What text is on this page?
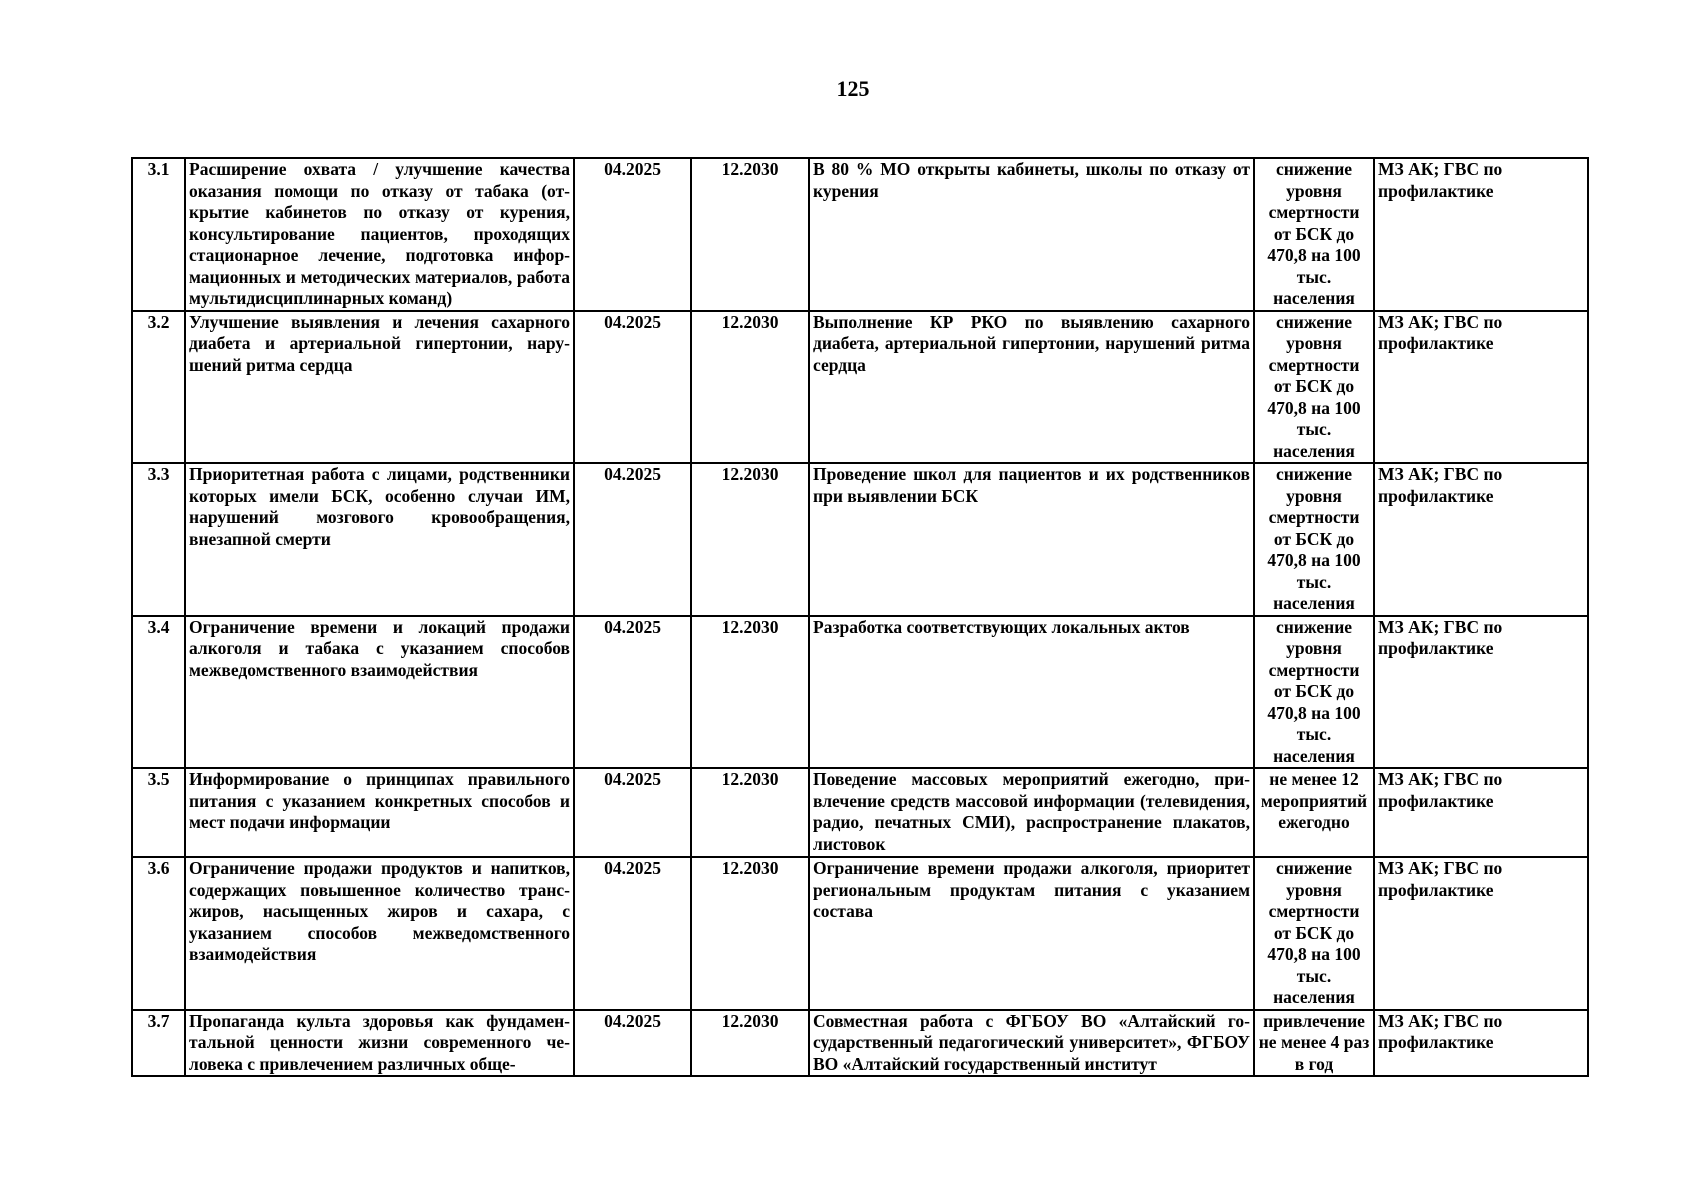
125
3.1	Расширение охвата / улучшение качества оказания помощи по отказу от табака (открытие кабинетов по отказу от курения, консультирование пациентов, проходящих стационарное лечение, подготовка информационных и методических материалов, работа мультидисциплинарных команд)	04.2025	12.2030	В 80 % МО открыты кабинеты, школы по отказу от курения	снижение уровня смертности от БСК до 470,8 на 100 тыс. населения	МЗ АК; ГВС по профилактике
3.2	Улучшение выявления и лечения сахарного диабета и артериальной гипертонии, нарушений ритма сердца	04.2025	12.2030	Выполнение КР РКО по выявлению сахарного диабета, артериальной гипертонии, нарушений ритма сердца	снижение уровня смертности от БСК до 470,8 на 100 тыс. населения	МЗ АК; ГВС по профилактике
3.3	Приоритетная работа с лицами, родственники которых имели БСК, особенно случаи ИМ, нарушений мозгового кровообращения, внезапной смерти	04.2025	12.2030	Проведение школ для пациентов и их родственников при выявлении БСК	снижение уровня смертности от БСК до 470,8 на 100 тыс. населения	МЗ АК; ГВС по профилактике
3.4	Ограничение времени и локаций продажи алкоголя и табака с указанием способов межведомственного взаимодействия	04.2025	12.2030	Разработка соответствующих локальных актов	снижение уровня смертности от БСК до 470,8 на 100 тыс. населения	МЗ АК; ГВС по профилактике
3.5	Информирование о принципах правильного питания с указанием конкретных способов и мест подачи информации	04.2025	12.2030	Поведение массовых мероприятий ежегодно, привлечение средств массовой информации (телевидения, радио, печатных СМИ), распространение плакатов, листовок	не менее 12 мероприятий ежегодно	МЗ АК; ГВС по профилактике
3.6	Ограничение продажи продуктов и напитков, содержащих повышенное количество транс-жиров, насыщенных жиров и сахара, с указанием способов межведомственного взаимодействия	04.2025	12.2030	Ограничение времени продажи алкоголя, приоритет региональным продуктам питания с указанием состава	снижение уровня смертности от БСК до 470,8 на 100 тыс. населения	МЗ АК; ГВС по профилактике
3.7	Пропаганда культа здоровья как фундаментальной ценности жизни современного человека с привлечением различных обще-	04.2025	12.2030	Совместная работа с ФГБОУ ВО «Алтайский государственный педагогический университет», ФГБОУ ВО «Алтайский государственный институт	привлечение не менее 4 раз в год	МЗ АК; ГВС по профилактике
